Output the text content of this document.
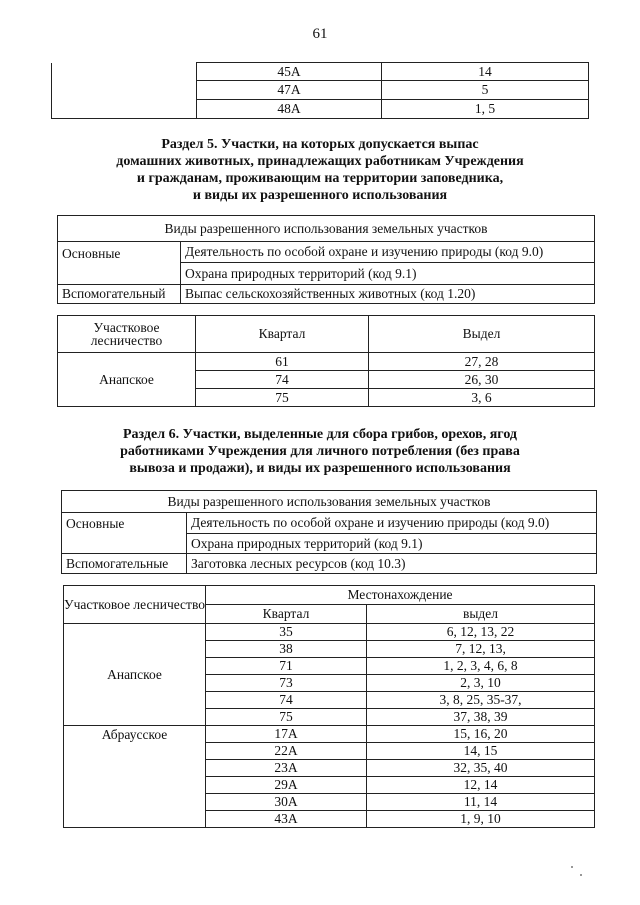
61
45А	14
47А	5
48А	1, 5
Раздел 5. Участки, на которых допускается выпас
домашних животных, принадлежащих работникам Учреждения
и гражданам, проживающим на территории заповедника,
и виды их разрешенного использования
Виды разрешенного использования земельных участков	
Основные	Деятельность по особой охране и изучению природы (код 9.0)
	Охрана природных территорий (код 9.1)
Вспомогательный	Выпас сельскохозяйственных животных (код 1.20)
Участковое лесничество	Квартал	Выдел
Анапское	61	27, 28
	74	26, 30
	75	3, 6
Раздел 6. Участки, выделенные для сбора грибов, орехов, ягод
работниками Учреждения для личного потребления (без права
вывоза и продажи), и виды их разрешенного использования
Виды разрешенного использования земельных участков	
Основные	Деятельность по особой охране и изучению природы (код 9.0)
	Охрана природных территорий (код 9.1)
Вспомогательные	Заготовка лесных ресурсов (код 10.3)
Участковое лесничество	Местонахождение	
	Квартал	выдел
Анапское	35	6, 12, 13, 22
	38	7, 12, 13,
	71	1, 2, 3, 4, 6, 8
	73	2, 3, 10
	74	3, 8, 25, 35-37,
	75	37, 38, 39
Абраусское	17А	15, 16, 20
	22А	14, 15
	23А	32, 35, 40
	29А	12, 14
	30А	11, 14
	43А	1, 9, 10
